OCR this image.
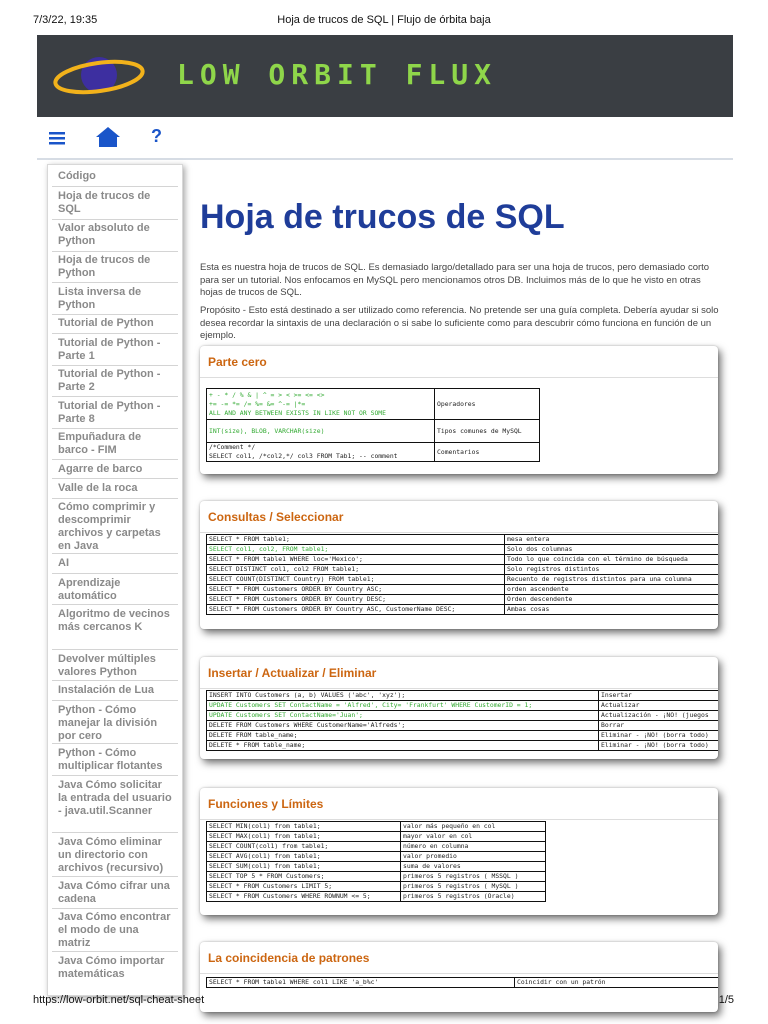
7/3/22, 19:35	Hoja de trucos de SQL | Flujo de órbita baja
LOW ORBIT FLUX
?
Código
Hoja de trucos de SQL
Valor absoluto de Python
Hoja de trucos de Python
Lista inversa de Python
Tutorial de Python
Tutorial de Python - Parte 1
Tutorial de Python - Parte 2
Tutorial de Python - Parte 8
Empuñadura de barco - FIM
Agarre de barco
Valle de la roca
Cómo comprimir y descomprimir archivos y carpetas en Java
AI
Aprendizaje automático
Algoritmo de vecinos más cercanos K
Devolver múltiples valores Python
Instalación de Lua
Python - Cómo manejar la división por cero
Python - Cómo multiplicar flotantes
Java Cómo solicitar la entrada del usuario - java.util.Scanner
Java Cómo eliminar un directorio con archivos (recursivo)
Java Cómo cifrar una cadena
Java Cómo encontrar el modo de una matriz
Java Cómo importar matemáticas
Hoja de trucos de SQL

Esta es nuestra hoja de trucos de SQL. Es demasiado largo/detallado para ser una hoja de trucos, pero demasiado corto para ser un tutorial. Nos enfocamos en MySQL pero mencionamos otros DB. Incluimos más de lo que he visto en otras hojas de trucos de SQL.

Propósito - Esto está destinado a ser utilizado como referencia. No pretende ser una guía completa. Debería ayudar si solo desea recordar la sintaxis de una declaración o si sabe lo suficiente como para descubrir cómo funciona en función de un ejemplo.

Parte cero
+ - * / % & | ^ = > < >= <= <>
+= -= *= /= %= &= ^-= |*=
ALL AND ANY BETWEEN EXISTS IN LIKE NOT OR SOME	Operadores
INT(size), BLOB, VARCHAR(size)	Tipos comunes de MySQL
/*Comment */
SELECT col1, /*col2,*/ col3 FROM Tab1; -- comment	Comentarios
Consultas / Seleccionar
SELECT * FROM table1;	mesa entera
SELECT col1, col2, FROM table1;	Solo dos columnas
SELECT * FROM table1 WHERE loc='Mexico';	Todo lo que coincida con el término de búsqueda
SELECT DISTINCT col1, col2 FROM table1;	Solo registros distintos
SELECT COUNT(DISTINCT Country) FROM table1;	Recuento de registros distintos para una columna
SELECT * FROM Customers ORDER BY Country ASC;	orden ascendente
SELECT * FROM Customers ORDER BY Country DESC;	Orden descendente
SELECT * FROM Customers ORDER BY Country ASC, CustomerName DESC;	Ambas cosas
Insertar / Actualizar / Eliminar
INSERT INTO Customers (a, b) VALUES ('abc', 'xyz');	Insertar
UPDATE Customers SET ContactName = 'Alfred', City= 'Frankfurt' WHERE CustomerID = 1;	Actualizar
UPDATE Customers SET ContactName='Juan';	Actualización - ¡NO! (juegos
DELETE FROM Customers WHERE CustomerName='Alfreds';	Borrar
DELETE FROM table_name;	Eliminar - ¡NO! (borra todo)
DELETE * FROM table_name;	Eliminar - ¡NO! (borra todo)
Funciones y Límites
SELECT MIN(col1) from table1;	valor más pequeño en col
SELECT MAX(col1) from table1;	mayor valor en col
SELECT COUNT(col1) from table1;	número en columna
SELECT AVG(col1) from table1;	valor promedio
SELECT SUM(col1) from table1;	suma de valores
SELECT TOP 5 * FROM Customers;	primeros 5 registros ( MSSQL )
SELECT * FROM Customers LIMIT 5;	primeros 5 registros ( MySQL )
SELECT * FROM Customers WHERE ROWNUM <= 5;	primeros 5 registros (Oracle)
La coincidencia de patrones
SELECT * FROM table1 WHERE col1 LIKE 'a_b%c'	Coincidir con un patrón
https://low-orbit.net/sql-cheat-sheet	1/5
